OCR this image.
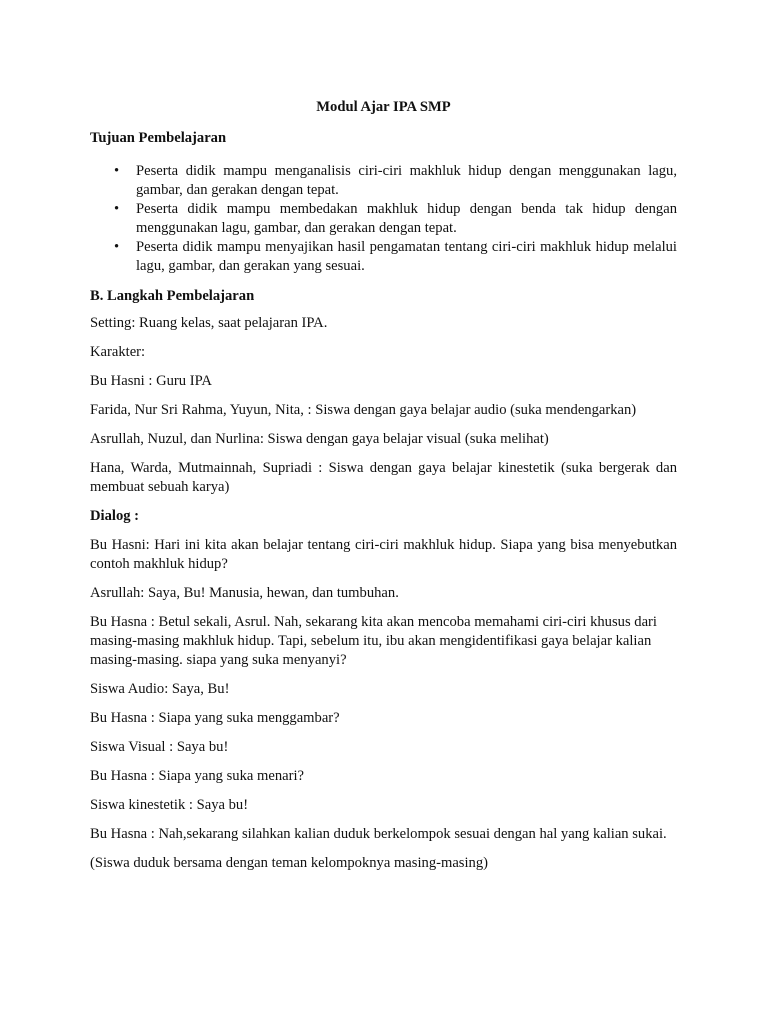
Modul Ajar IPA SMP
Tujuan Pembelajaran
• Peserta didik mampu menganalisis ciri-ciri makhluk hidup dengan menggunakan lagu, gambar, dan gerakan dengan tepat.
• Peserta didik mampu membedakan makhluk hidup dengan benda tak hidup dengan menggunakan lagu, gambar, dan gerakan dengan tepat.
• Peserta didik mampu menyajikan hasil pengamatan tentang ciri-ciri makhluk hidup melalui lagu, gambar, dan gerakan yang sesuai.
B. Langkah Pembelajaran

Setting: Ruang kelas, saat pelajaran IPA.

Karakter:

Bu Hasni : Guru IPA

Farida, Nur Sri Rahma, Yuyun, Nita, : Siswa dengan gaya belajar audio (suka mendengarkan)

Asrullah, Nuzul, dan Nurlina: Siswa dengan gaya belajar visual (suka melihat)

Hana, Warda, Mutmainnah, Supriadi : Siswa dengan gaya belajar kinestetik (suka bergerak dan membuat sebuah karya)

Dialog :

Bu Hasni: Hari ini kita akan belajar tentang ciri-ciri makhluk hidup. Siapa yang bisa menyebutkan contoh makhluk hidup?

Asrullah: Saya, Bu! Manusia, hewan, dan tumbuhan.

Bu Hasna : Betul sekali, Asrul. Nah, sekarang kita akan mencoba memahami ciri-ciri khusus dari masing-masing makhluk hidup. Tapi, sebelum itu, ibu akan mengidentifikasi gaya belajar kalian masing-masing. siapa yang suka menyanyi?

Siswa Audio: Saya, Bu!

Bu Hasna : Siapa yang suka menggambar?

Siswa Visual : Saya bu!

Bu Hasna : Siapa yang suka menari?

Siswa kinestetik : Saya bu!

Bu Hasna : Nah,sekarang silahkan kalian duduk berkelompok sesuai dengan hal yang kalian sukai.

(Siswa duduk bersama dengan teman kelompoknya masing-masing)
